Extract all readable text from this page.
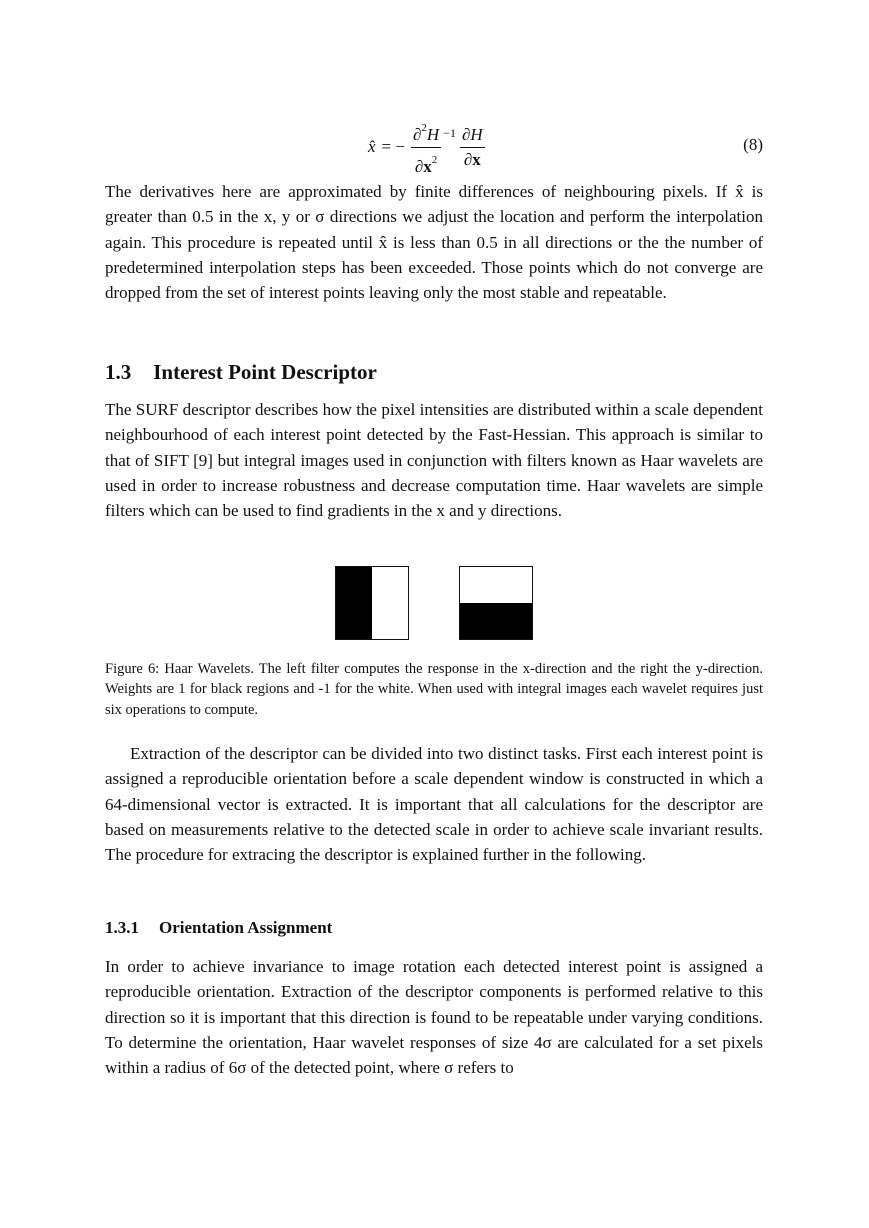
x̂ = − $\frac{\partial^2H}{\partial x^2} -1 \frac{\partial H}{\partial x}$	(8)

The derivatives here are approximated by finite differences of neighbouring pixels. If x̂ is greater than 0.5 in the x, y or σ directions we adjust the location and perform the interpolation again. This procedure is repeated until x̂ is less than 0.5 in all directions or the the number of predetermined interpolation steps has been exceeded. Those points which do not converge are dropped from the set of interest points leaving only the most stable and repeatable.

1.3 Interest Point Descriptor

The SURF descriptor describes how the pixel intensities are distributed within a scale dependent neighbourhood of each interest point detected by the Fast-Hessian. This approach is similar to that of SIFT [9] but integral images used in conjunction with filters known as Haar wavelets are used in order to increase robustness and decrease computation time. Haar wavelets are simple filters which can be used to find gradients in the x and y directions.

Figure 6: Haar Wavelets. The left filter computes the response in the x-direction and the right the y-direction. Weights are 1 for black regions and -1 for the white. When used with integral images each wavelet requires just six operations to compute.

Extraction of the descriptor can be divided into two distinct tasks. First each interest point is assigned a reproducible orientation before a scale dependent window is constructed in which a 64-dimensional vector is extracted. It is important that all calculations for the descriptor are based on measurements relative to the detected scale in order to achieve scale invariant results. The procedure for extracing the descriptor is explained further in the following.

1.3.1 Orientation Assignment

In order to achieve invariance to image rotation each detected interest point is assigned a reproducible orientation. Extraction of the descriptor components is performed relative to this direction so it is important that this direction is found to be repeatable under varying conditions. To determine the orientation, Haar wavelet responses of size 4σ are calculated for a set pixels within a radius of 6σ of the detected point, where σ refers to
